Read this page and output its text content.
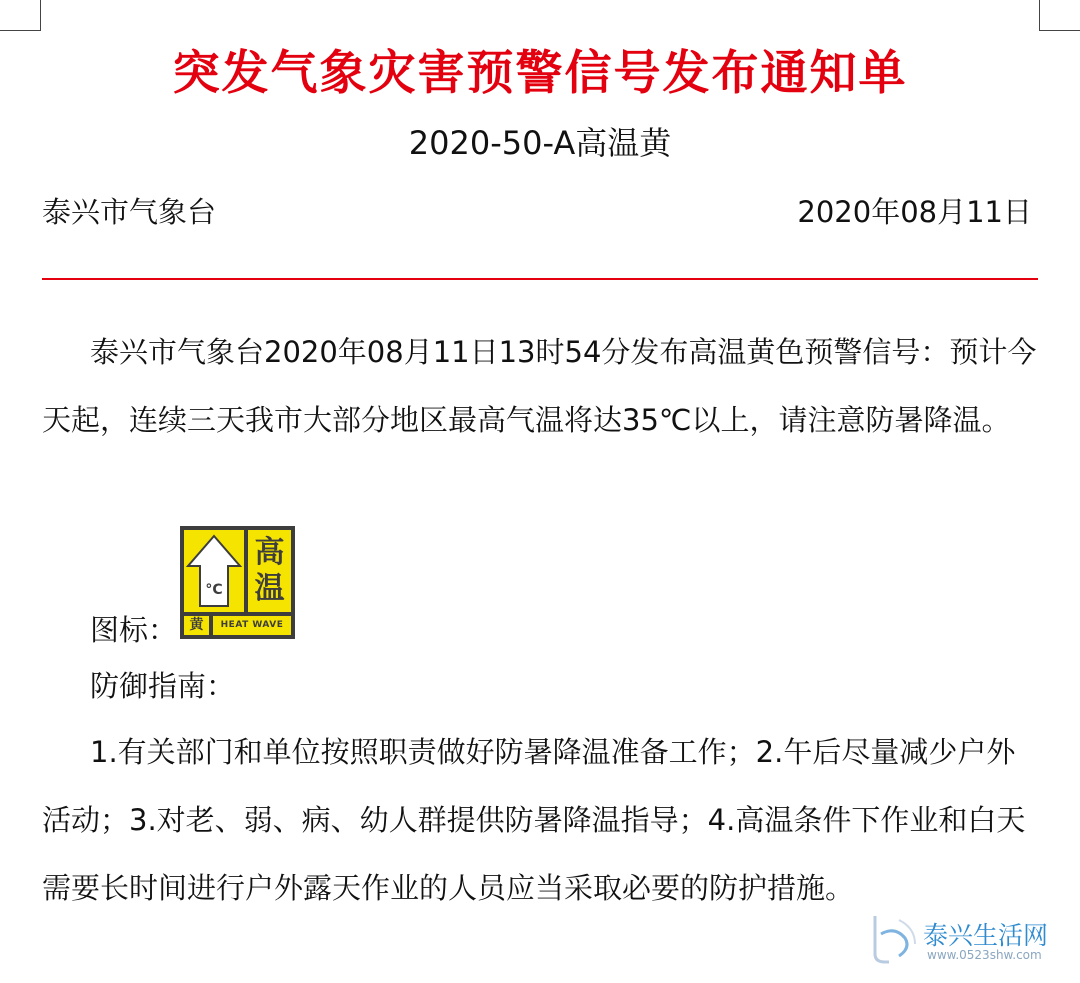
突发气象灾害预警信号发布通知单
2020-50-A高温黄
泰兴市气象台	2020年08月11日

泰兴市气象台2020年08月11日13时54分发布高温黄色预警信号：预计今天起，连续三天我市大部分地区最高气温将达35℃以上，请注意防暑降温。

°C
高
温
黄	HEAT WAVE
图标：
防御指南：

1.有关部门和单位按照职责做好防暑降温准备工作；2.午后尽量减少户外活动；3.对老、弱、病、幼人群提供防暑降温指导；4.高温条件下作业和白天需要长时间进行户外露天作业的人员应当采取必要的防护措施。

泰兴生活网
www.0523shw.com
